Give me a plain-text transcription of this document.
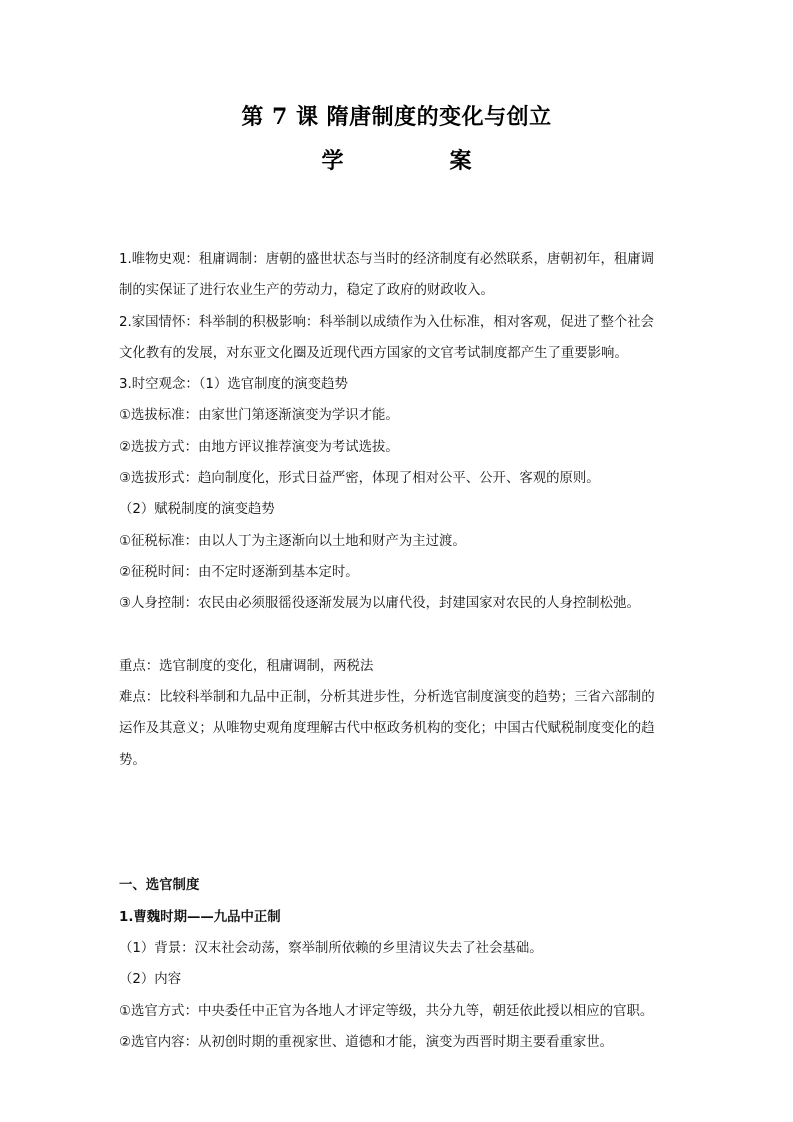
第 7 课 隋唐制度的变化与创立
学　案
1.唯物史观：租庸调制：唐朝的盛世状态与当时的经济制度有必然联系，唐朝初年，租庸调
制的实保证了进行农业生产的劳动力，稳定了政府的财政收入。
2.家国情怀：科举制的积极影响：科举制以成绩作为入仕标准，相对客观，促进了整个社会
文化教有的发展，对东亚文化圈及近现代西方国家的文官考试制度都产生了重要影响。
3.时空观念：（1）选官制度的演变趋势
①选拔标准：由家世门第逐渐演变为学识才能。
②选拔方式：由地方评议推荐演变为考试选拔。
③选拔形式：趋向制度化，形式日益严密，体现了相对公平、公开、客观的原则。
（2）赋税制度的演变趋势
①征税标准：由以人丁为主逐渐向以土地和财产为主过渡。
②征税时间：由不定时逐渐到基本定时。
③人身控制：农民由必须服徭役逐渐发展为以庸代役，封建国家对农民的人身控制松弛。
重点：选官制度的变化，租庸调制，两税法
难点：比较科举制和九品中正制，分析其进步性，分析选官制度演变的趋势；三省六部制的
运作及其意义；从唯物史观角度理解古代中枢政务机构的变化；中国古代赋税制度变化的趋
势。
一、选官制度
1.曹魏时期——九品中正制
（1）背景：汉末社会动荡，察举制所依赖的乡里清议失去了社会基础。
（2）内容
①选官方式：中央委任中正官为各地人才评定等级，共分九等，朝廷依此授以相应的官职。
②选官内容：从初创时期的重视家世、道德和才能，演变为西晋时期主要看重家世。
